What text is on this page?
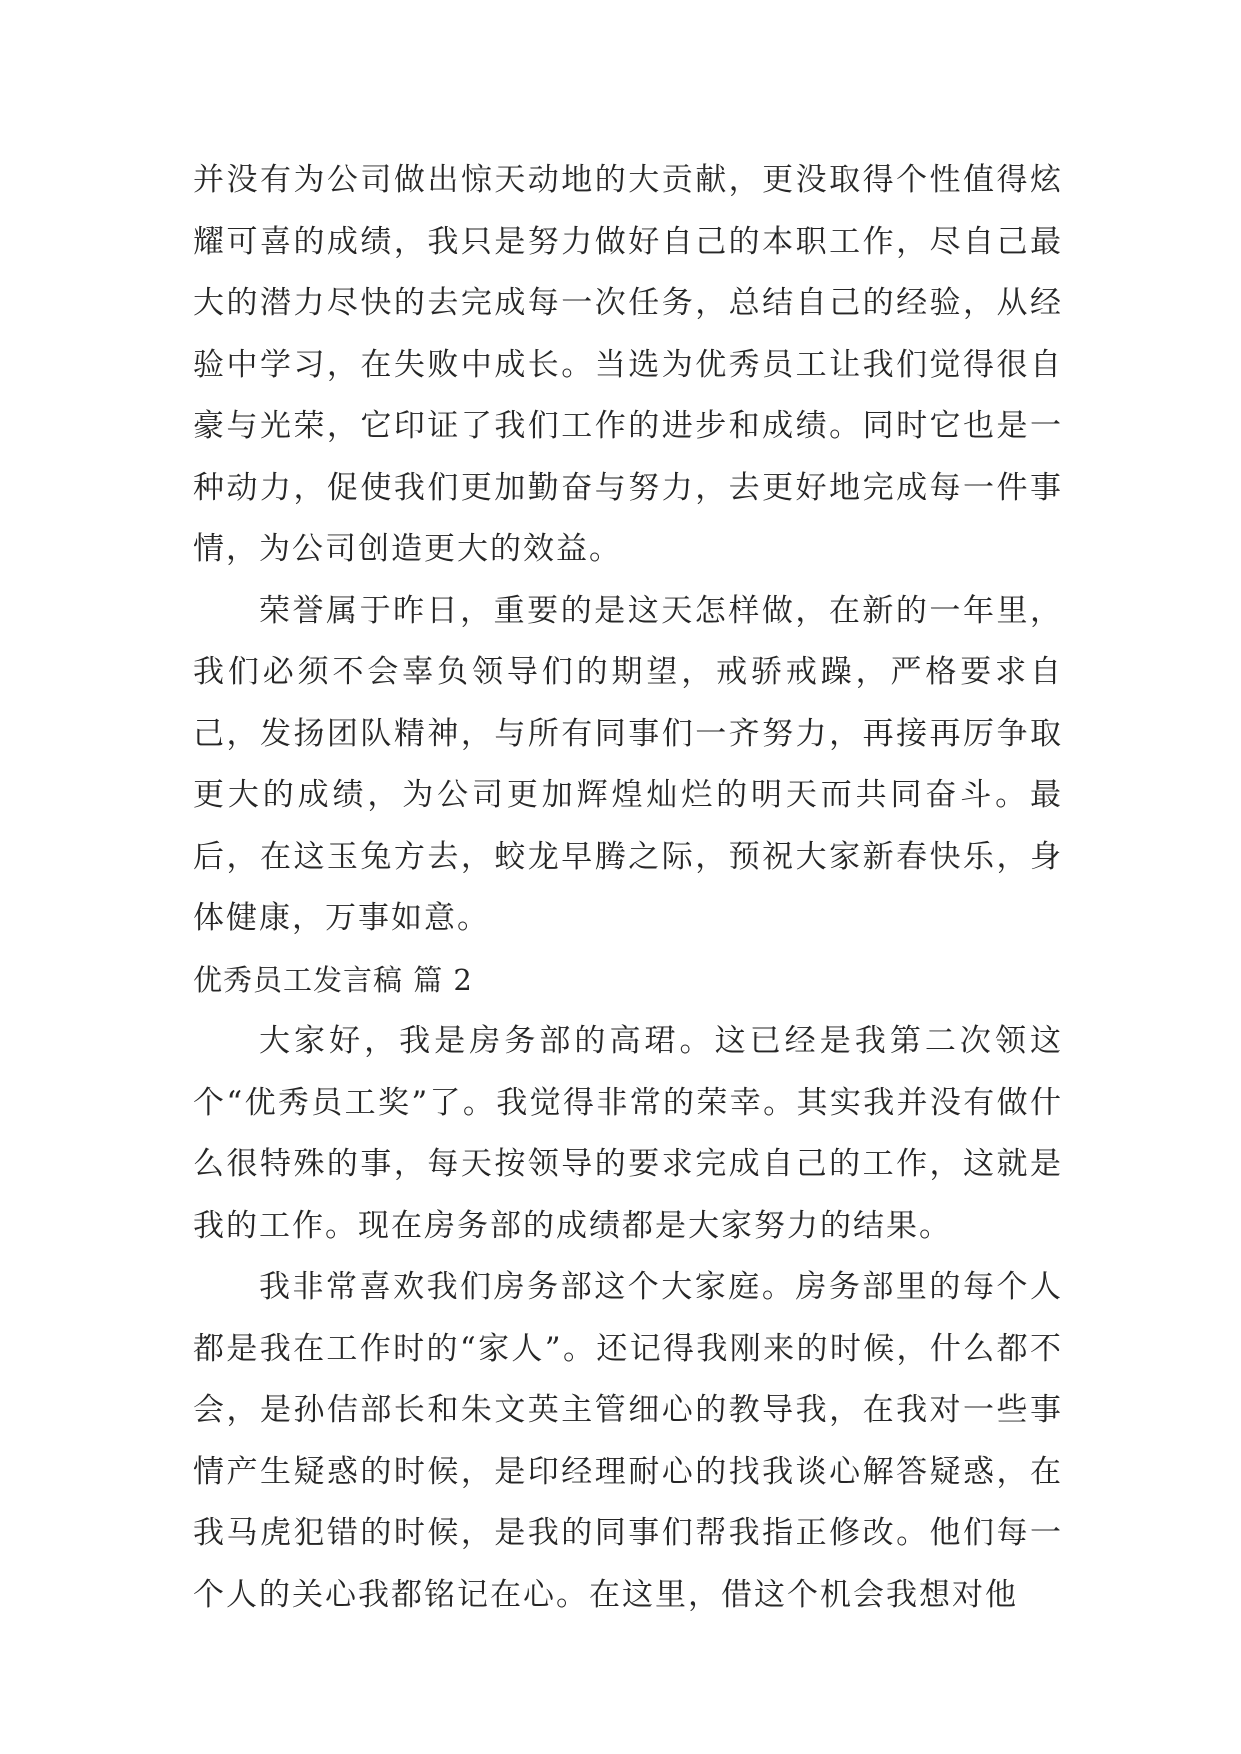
并没有为公司做出惊天动地的大贡献，更没取得个性值得炫耀可喜的成绩，我只是努力做好自己的本职工作，尽自己最大的潜力尽快的去完成每一次任务，总结自己的经验，从经验中学习，在失败中成长。当选为优秀员工让我们觉得很自豪与光荣，它印证了我们工作的进步和成绩。同时它也是一种动力，促使我们更加勤奋与努力，去更好地完成每一件事情，为公司创造更大的效益。

荣誉属于昨日，重要的是这天怎样做，在新的一年里，我们必须不会辜负领导们的期望，戒骄戒躁，严格要求自己，发扬团队精神，与所有同事们一齐努力，再接再厉争取更大的成绩，为公司更加辉煌灿烂的明天而共同奋斗。最后，在这玉兔方去，蛟龙早腾之际，预祝大家新春快乐，身体健康，万事如意。

优秀员工发言稿 篇 2

大家好，我是房务部的高珺。这已经是我第二次领这个“优秀员工奖”了。我觉得非常的荣幸。其实我并没有做什么很特殊的事，每天按领导的要求完成自己的工作，这就是我的工作。现在房务部的成绩都是大家努力的结果。

我非常喜欢我们房务部这个大家庭。房务部里的每个人都是我在工作时的“家人”。还记得我刚来的时候，什么都不会，是孙佶部长和朱文英主管细心的教导我，在我对一些事情产生疑惑的时候，是印经理耐心的找我谈心解答疑惑，在我马虎犯错的时候，是我的同事们帮我指正修改。他们每一个人的关心我都铭记在心。在这里，借这个机会我想对他
